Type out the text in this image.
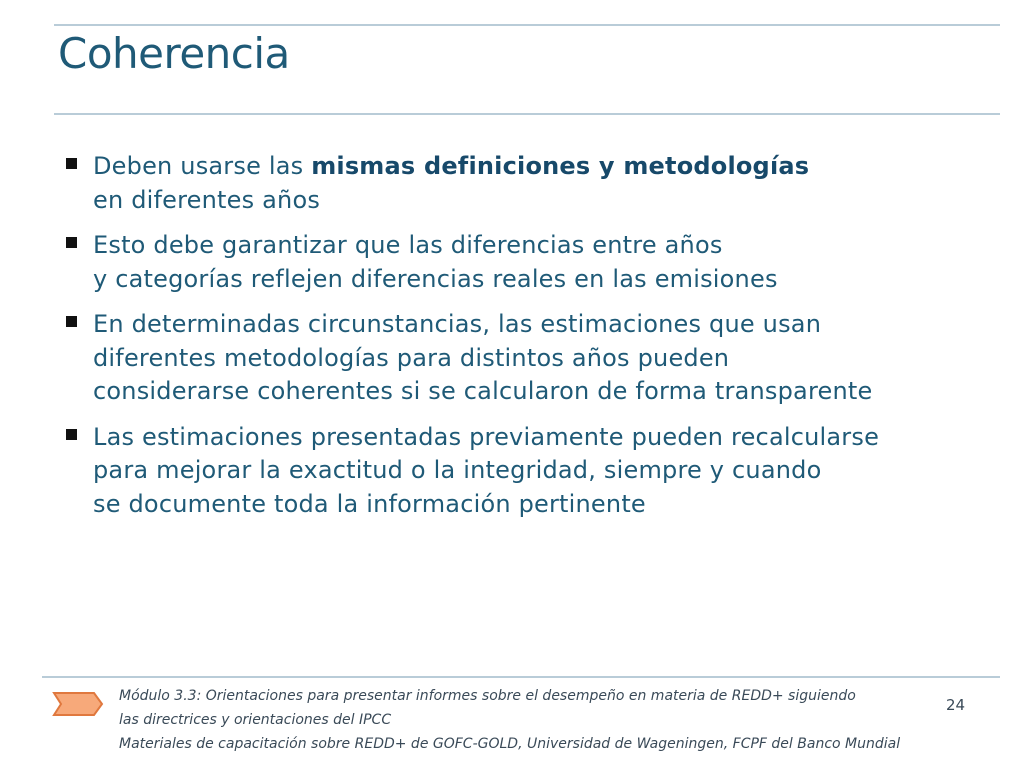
Coherencia
Deben usarse las mismas definiciones y metodologías
en diferentes años
Esto debe garantizar que las diferencias entre años
y categorías reflejen diferencias reales en las emisiones
En determinadas circunstancias, las estimaciones que usan
diferentes metodologías para distintos años pueden
considerarse coherentes si se calcularon de forma transparente
Las estimaciones presentadas previamente pueden recalcularse
para mejorar la exactitud o la integridad, siempre y cuando
se documente toda la información pertinente
Módulo 3.3: Orientaciones para presentar informes sobre el desempeño en materia de REDD+ siguiendo
las directrices y orientaciones del IPCC
Materiales de capacitación sobre REDD+ de GOFC-GOLD, Universidad de Wageningen, FCPF del Banco Mundial
24
